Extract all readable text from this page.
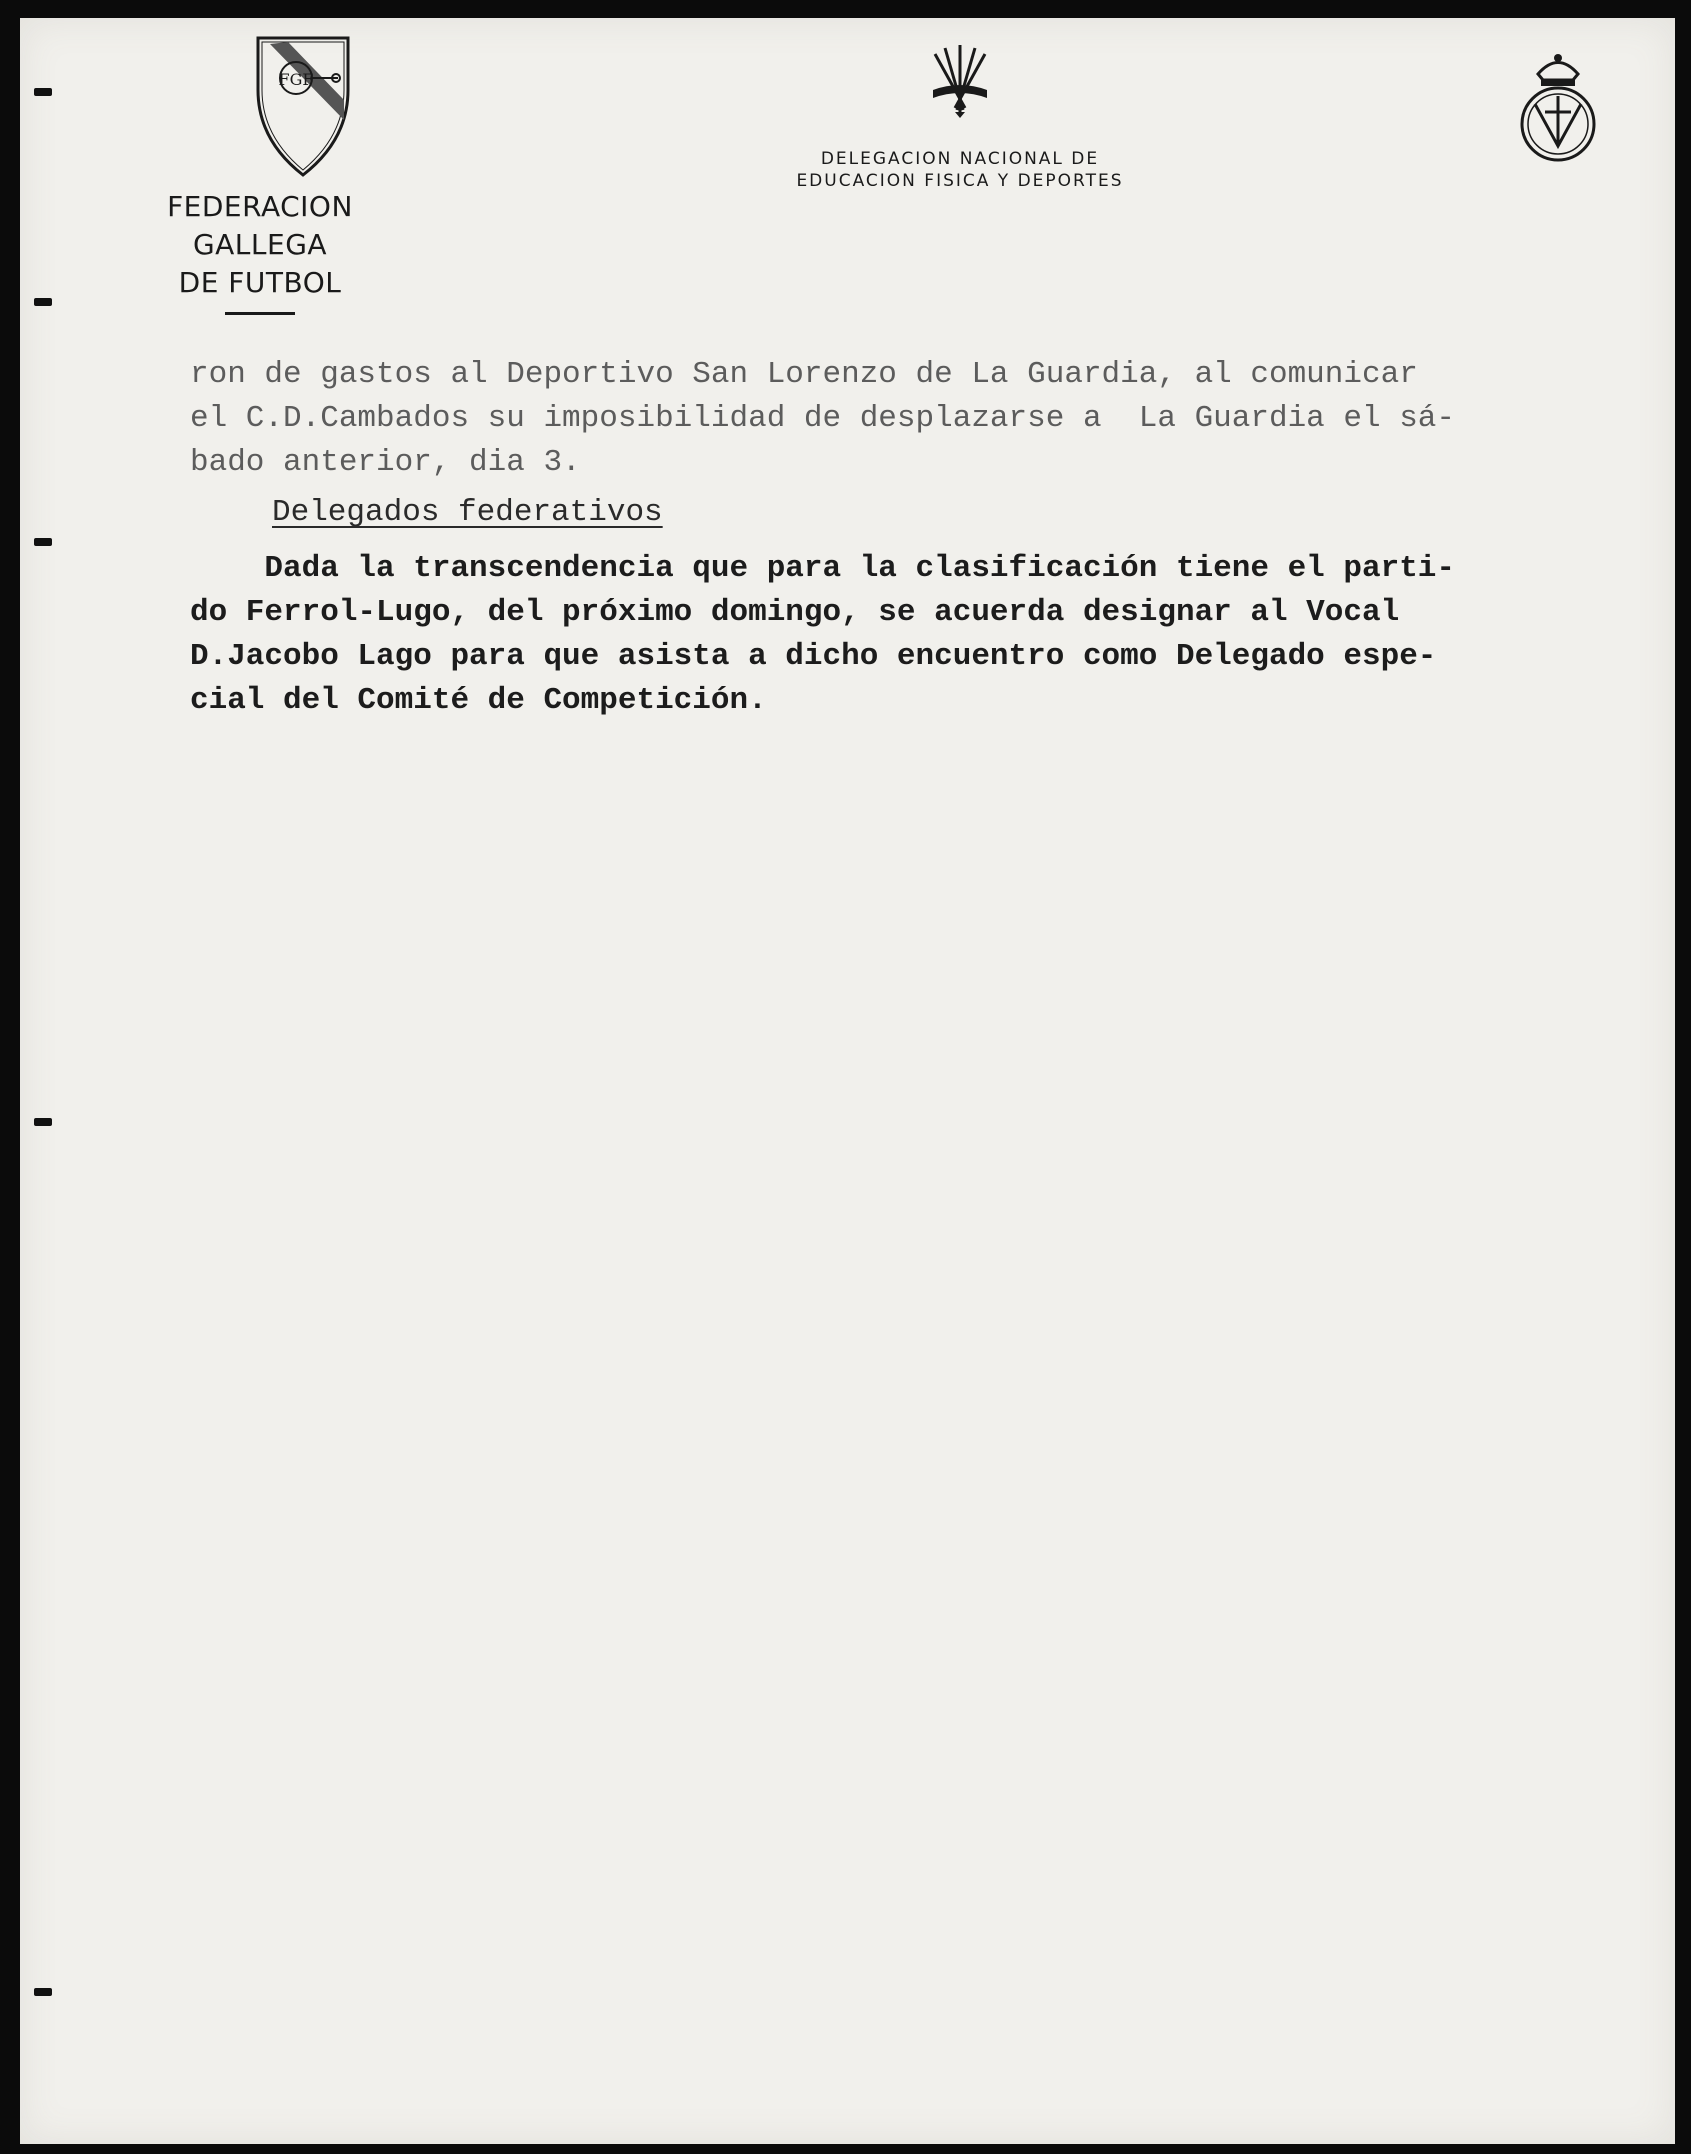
FGF
FEDERACION GALLEGA
DE FUTBOL
DELEGACION NACIONAL DE
EDUCACION FISICA Y DEPORTES
ron de gastos al Deportivo San Lorenzo de La Guardia, al comunicar
el C.D.Cambados su imposibilidad de desplazarse a  La Guardia el sá-
bado anterior, dia 3.
Delegados federativos
Dada la transcendencia que para la clasificación tiene el parti-
do Ferrol-Lugo, del próximo domingo, se acuerda designar al Vocal
D.Jacobo Lago para que asista a dicho encuentro como Delegado espe-
cial del Comité de Competición.
